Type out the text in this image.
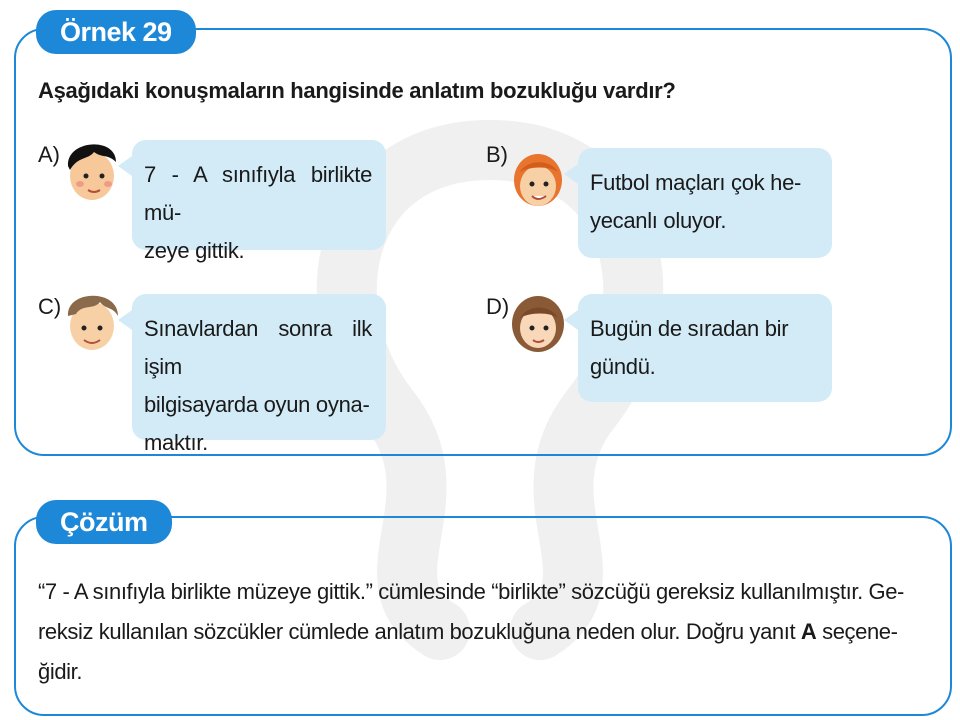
Örnek 29
Aşağıdaki konuşmaların hangisinde anlatım bozukluğu vardır?
A)
7 - A sınıfıyla birlikte mü-
zeye gittik.
B)
Futbol maçları çok he-
yecanlı oluyor.
C)
Sınavlardan sonra ilk işim
bilgisayarda oyun oyna-
maktır.
D)
Bugün de sıradan bir
gündü.
Çözüm
“7 - A sınıfıyla birlikte müzeye gittik.” cümlesinde “birlikte” sözcüğü gereksiz kullanılmıştır. Ge-
reksiz kullanılan sözcükler cümlede anlatım bozukluğuna neden olur. Doğru yanıt A seçene-
ğidir.
